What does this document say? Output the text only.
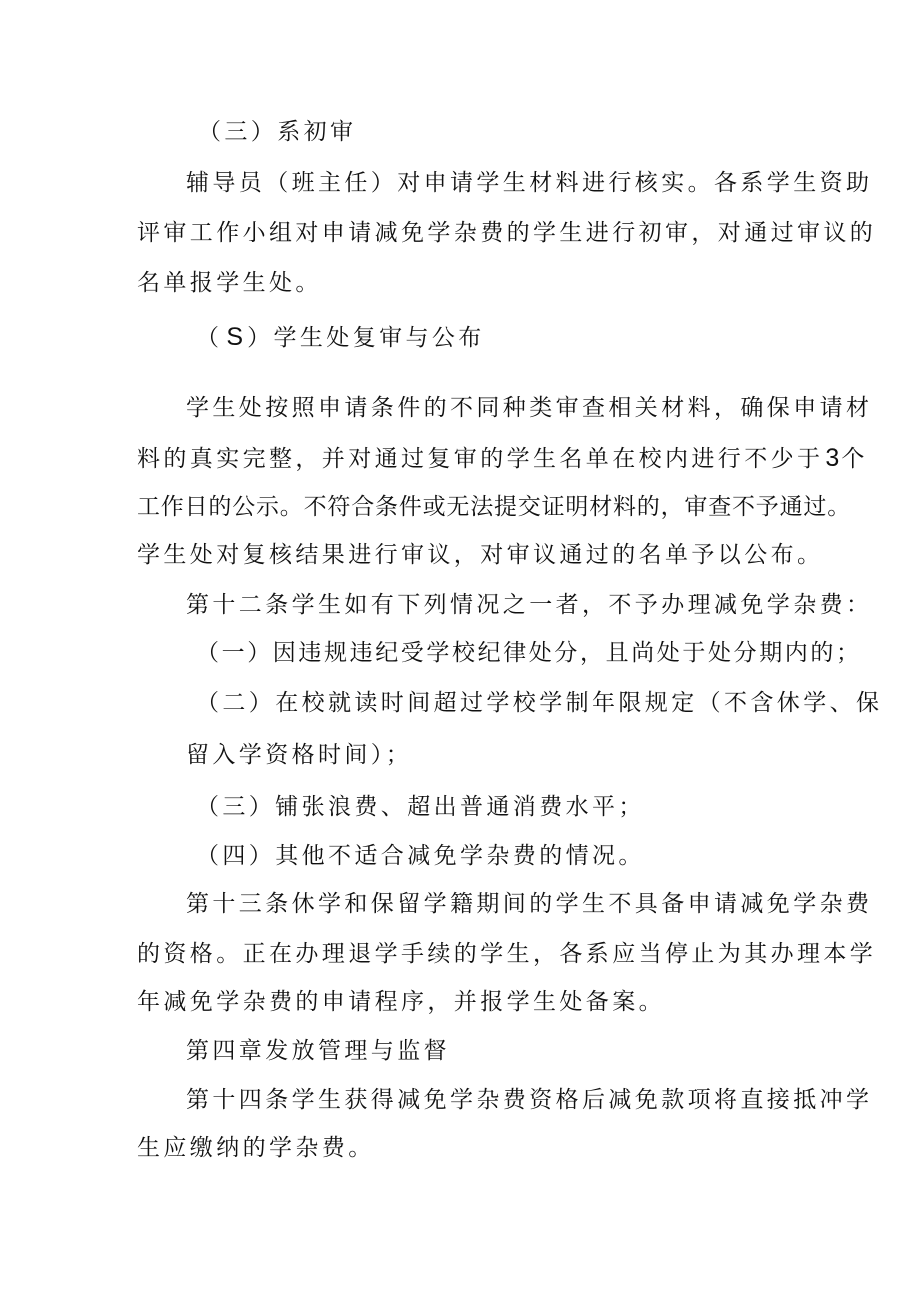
（三）系初审

辅导员（班主任）对申请学生材料进行核实。各系学生资助

评审工作小组对申请减免学杂费的学生进行初审，对通过审议的

名单报学生处。

（ S ）学生处复审与公布

学生处按照申请条件的不同种类审查相关材料，确保申请材

料的真实完整，并对通过复审的学生名单在校内进行不少于3个

工作日的公示。不符合条件或无法提交证明材料的，审查不予通过。

学生处对复核结果进行审议，对审议通过的名单予以公布。

第十二条学生如有下列情况之一者，不予办理减免学杂费：

（一）因违规违纪受学校纪律处分，且尚处于处分期内的；

（二）在校就读时间超过学校学制年限规定（不含休学、保

留入学资格时间）；

（三）铺张浪费、超出普通消费水平；

（四）其他不适合减免学杂费的情况。

第十三条休学和保留学籍期间的学生不具备申请减免学杂费

的资格。正在办理退学手续的学生，各系应当停止为其办理本学

年减免学杂费的申请程序，并报学生处备案。

第四章发放管理与监督

第十四条学生获得减免学杂费资格后减免款项将直接抵冲学

生应缴纳的学杂费。
